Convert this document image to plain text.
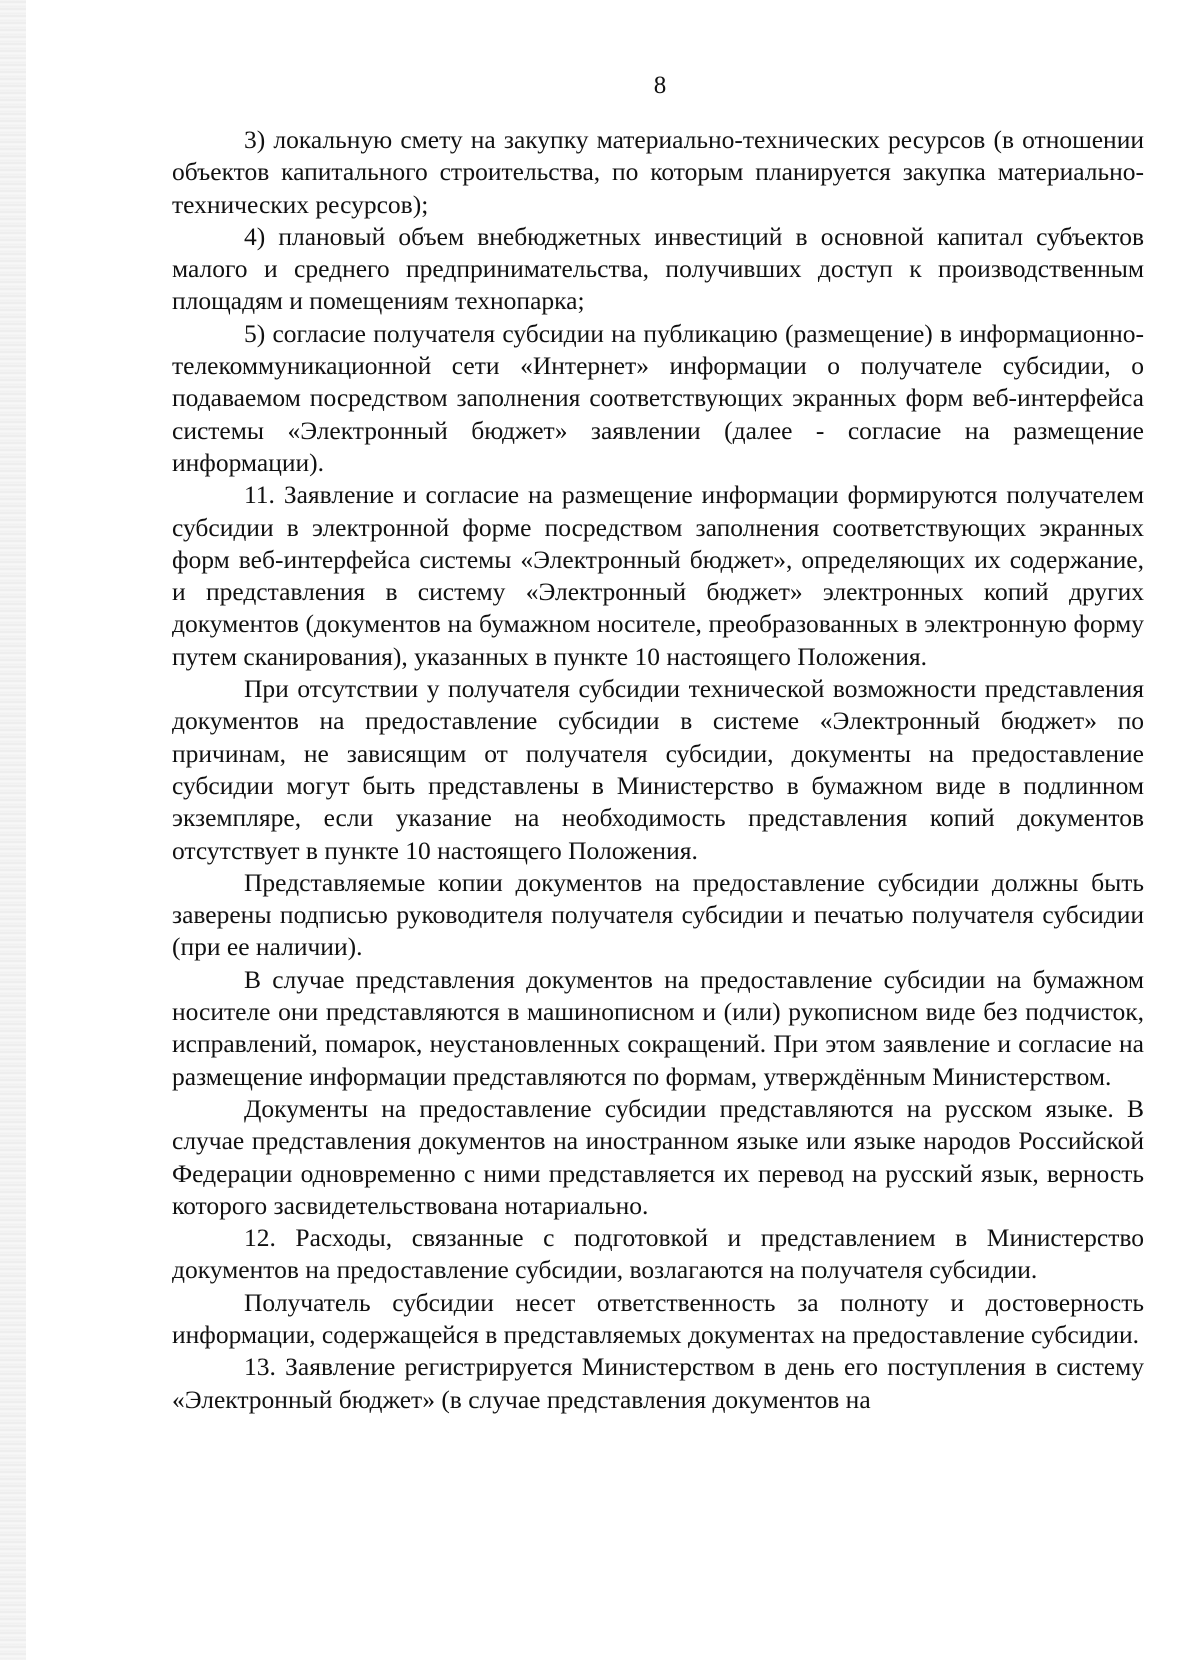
8

3) локальную смету на закупку материально-технических ресурсов (в отношении объектов капитального строительства, по которым планируется закупка материально-технических ресурсов);

4) плановый объем внебюджетных инвестиций в основной капитал субъектов малого и среднего предпринимательства, получивших доступ к производственным площадям и помещениям технопарка;

5) согласие получателя субсидии на публикацию (размещение) в информационно-телекоммуникационной сети «Интернет» информации о получателе субсидии, о подаваемом посредством заполнения соответствующих экранных форм веб-интерфейса системы «Электронный бюджет» заявлении (далее - согласие на размещение информации).

11. Заявление и согласие на размещение информации формируются получателем субсидии в электронной форме посредством заполнения соответствующих экранных форм веб-интерфейса системы «Электронный бюджет», определяющих их содержание, и представления в систему «Электронный бюджет» электронных копий других документов (документов на бумажном носителе, преобразованных в электронную форму путем сканирования), указанных в пункте 10 настоящего Положения.

При отсутствии у получателя субсидии технической возможности представления документов на предоставление субсидии в системе «Электронный бюджет» по причинам, не зависящим от получателя субсидии, документы на предоставление субсидии могут быть представлены в Министерство в бумажном виде в подлинном экземпляре, если указание на необходимость представления копий документов отсутствует в пункте 10 настоящего Положения.

Представляемые копии документов на предоставление субсидии должны быть заверены подписью руководителя получателя субсидии и печатью получателя субсидии (при ее наличии).

В случае представления документов на предоставление субсидии на бумажном носителе они представляются в машинописном и (или) рукописном виде без подчисток, исправлений, помарок, неустановленных сокращений. При этом заявление и согласие на размещение информации представляются по формам, утверждённым Министерством.

Документы на предоставление субсидии представляются на русском языке. В случае представления документов на иностранном языке или языке народов Российской Федерации одновременно с ними представляется их перевод на русский язык, верность которого засвидетельствована нотариально.

12. Расходы, связанные с подготовкой и представлением в Министерство документов на предоставление субсидии, возлагаются на получателя субсидии.

Получатель субсидии несет ответственность за полноту и достоверность информации, содержащейся в представляемых документах на предоставление субсидии.

13. Заявление регистрируется Министерством в день его поступления в систему «Электронный бюджет» (в случае представления документов на
